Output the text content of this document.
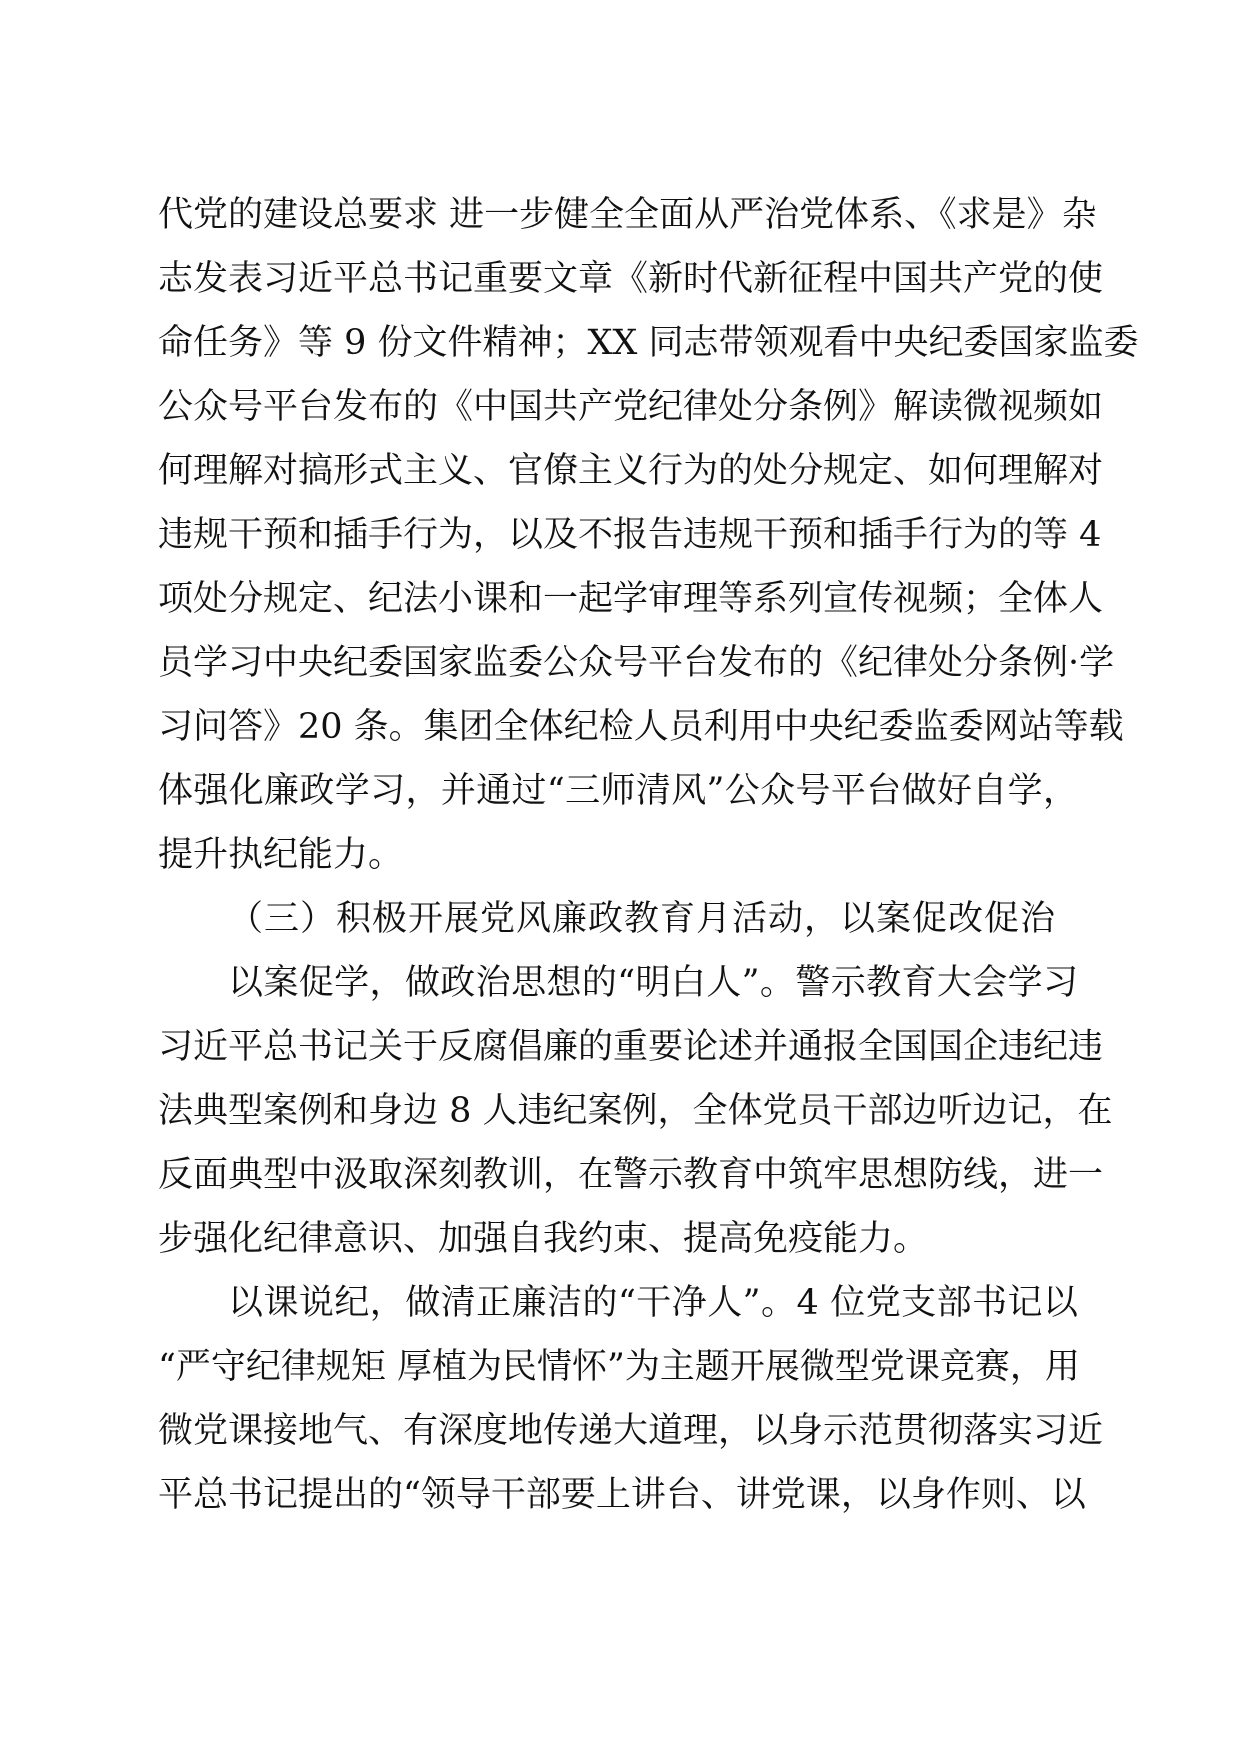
代党的建设总要求 进一步健全全面从严治党体系、《求是》杂
志发表习近平总书记重要文章《新时代新征程中国共产党的使
命任务》等 9 份文件精神；XX 同志带领观看中央纪委国家监委
公众号平台发布的《中国共产党纪律处分条例》解读微视频如
何理解对搞形式主义、官僚主义行为的处分规定、如何理解对
违规干预和插手行为，以及不报告违规干预和插手行为的等 4
项处分规定、纪法小课和一起学审理等系列宣传视频；全体人
员学习中央纪委国家监委公众号平台发布的《纪律处分条例·学
习问答》20 条。集团全体纪检人员利用中央纪委监委网站等载
体强化廉政学习，并通过“三师清风”公众号平台做好自学，
提升执纪能力。
（三）积极开展党风廉政教育月活动，以案促改促治
以案促学，做政治思想的“明白人”。警示教育大会学习
习近平总书记关于反腐倡廉的重要论述并通报全国国企违纪违
法典型案例和身边 8 人违纪案例，全体党员干部边听边记，在
反面典型中汲取深刻教训，在警示教育中筑牢思想防线，进一
步强化纪律意识、加强自我约束、提高免疫能力。
以课说纪，做清正廉洁的“干净人”。4 位党支部书记以
“严守纪律规矩 厚植为民情怀”为主题开展微型党课竞赛，用
微党课接地气、有深度地传递大道理，以身示范贯彻落实习近
平总书记提出的“领导干部要上讲台、讲党课，以身作则、以
